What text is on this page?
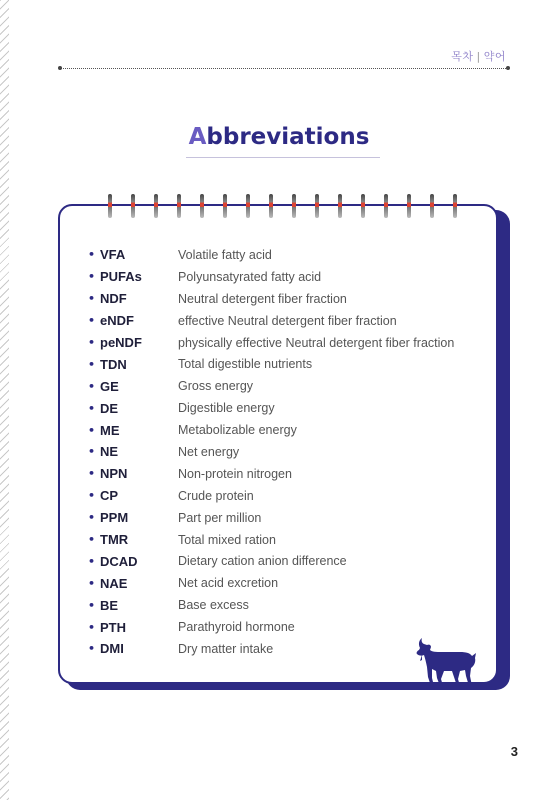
목차 | 약어
Abbreviations
• VFA	Volatile fatty acid
• PUFAs	Polyunsatyrated fatty acid
• NDF	Neutral detergent fiber fraction
• eNDF	effective Neutral detergent fiber fraction
• peNDF	physically effective Neutral detergent fiber fraction
• TDN	Total digestible nutrients
• GE	Gross energy
• DE	Digestible energy
• ME	Metabolizable energy
• NE	Net energy
• NPN	Non-protein nitrogen
• CP	Crude protein
• PPM	Part per million
• TMR	Total mixed ration
• DCAD	Dietary cation anion difference
• NAE	Net acid excretion
• BE	Base excess
• PTH	Parathyroid hormone
• DMI	Dry matter intake
3
